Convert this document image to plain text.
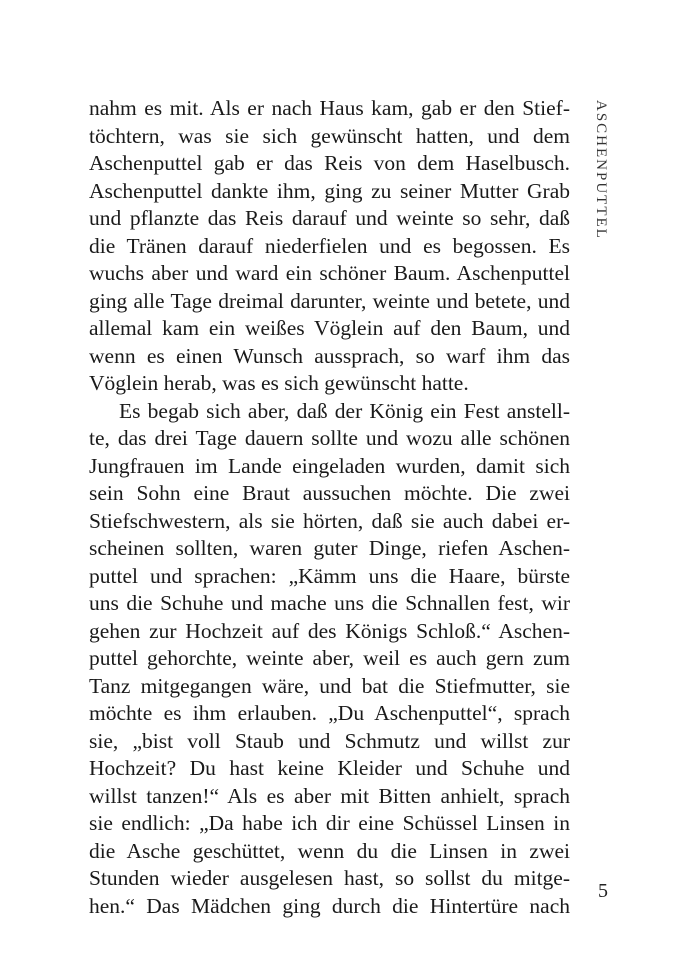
nahm es mit. Als er nach Haus kam, gab er den Stief-
töchtern, was sie sich gewünscht hatten, und dem
Aschenputtel gab er das Reis von dem Haselbusch.
Aschenputtel dankte ihm, ging zu seiner Mutter Grab
und pflanzte das Reis darauf und weinte so sehr, daß
die Tränen darauf niederfielen und es begossen. Es
wuchs aber und ward ein schöner Baum. Aschenputtel
ging alle Tage dreimal darunter, weinte und betete, und
allemal kam ein weißes Vöglein auf den Baum, und
wenn es einen Wunsch aussprach, so warf ihm das
Vöglein herab, was es sich gewünscht hatte.
Es begab sich aber, daß der König ein Fest anstell-
te, das drei Tage dauern sollte und wozu alle schönen
Jungfrauen im Lande eingeladen wurden, damit sich
sein Sohn eine Braut aussuchen möchte. Die zwei
Stiefschwestern, als sie hörten, daß sie auch dabei er-
scheinen sollten, waren guter Dinge, riefen Aschen-
puttel und sprachen: „Kämm uns die Haare, bürste
uns die Schuhe und mache uns die Schnallen fest, wir
gehen zur Hochzeit auf des Königs Schloß.“ Aschen-
puttel gehorchte, weinte aber, weil es auch gern zum
Tanz mitgegangen wäre, und bat die Stiefmutter, sie
möchte es ihm erlauben. „Du Aschenputtel“, sprach
sie, „bist voll Staub und Schmutz und willst zur
Hochzeit? Du hast keine Kleider und Schuhe und
willst tanzen!“ Als es aber mit Bitten anhielt, sprach
sie endlich: „Da habe ich dir eine Schüssel Linsen in
die Asche geschüttet, wenn du die Linsen in zwei
Stunden wieder ausgelesen hast, so sollst du mitge-
hen.“ Das Mädchen ging durch die Hintertüre nach
ASCHENPUTTEL
5
